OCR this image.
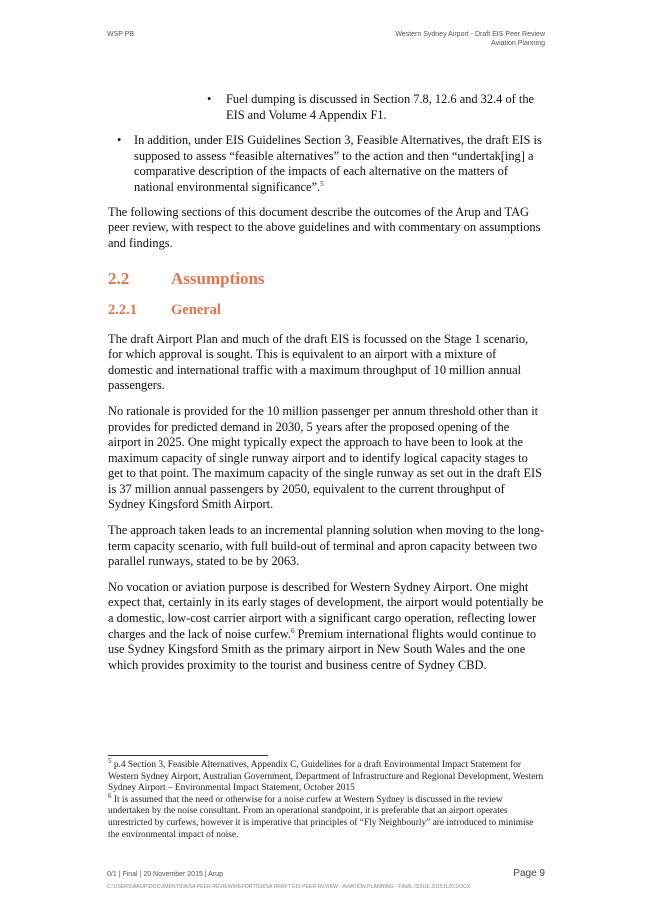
WSP PB	Western Sydney Airport - Draft EIS Peer Review
Aviation Planning
• Fuel dumping is discussed in Section 7.8, 12.6 and 32.4 of the EIS and Volume 4 Appendix F1.
• In addition, under EIS Guidelines Section 3, Feasible Alternatives, the draft EIS is supposed to assess “feasible alternatives” to the action and then “undertak[ing] a comparative description of the impacts of each alternative on the matters of national environmental significance”.$^5$

The following sections of this document describe the outcomes of the Arup and TAG peer review, with respect to the above guidelines and with commentary on assumptions and findings.

2.2	Assumptions
2.2.1	General

The draft Airport Plan and much of the draft EIS is focussed on the Stage 1 scenario, for which approval is sought. This is equivalent to an airport with a mixture of domestic and international traffic with a maximum throughput of 10 million annual passengers.

No rationale is provided for the 10 million passenger per annum threshold other than it provides for predicted demand in 2030, 5 years after the proposed opening of the airport in 2025. One might typically expect the approach to have been to look at the maximum capacity of single runway airport and to identify logical capacity stages to get to that point. The maximum capacity of the single runway as set out in the draft EIS is 37 million annual passengers by 2050, equivalent to the current throughput of Sydney Kingsford Smith Airport.

The approach taken leads to an incremental planning solution when moving to the long-term capacity scenario, with full build-out of terminal and apron capacity between two parallel runways, stated to be by 2063.

No vocation or aviation purpose is described for Western Sydney Airport. One might expect that, certainly in its early stages of development, the airport would potentially be a domestic, low-cost carrier airport with a significant cargo operation, reflecting lower charges and the lack of noise curfew.$^6$ Premium international flights would continue to use Sydney Kingsford Smith as the primary airport in New South Wales and the one which provides proximity to the tourist and business centre of Sydney CBD.

$^5$ p.4 Section 3, Feasible Alternatives, Appendix C, Guidelines for a draft Environmental Impact Statement for Western Sydney Airport, Australian Government, Department of Infrastructure and Regional Development, Western Sydney Airport – Environmental Impact Statement, October 2015

$^6$ It is assumed that the need or otherwise for a noise curfew at Western Sydney is discussed in the review undertaken by the noise consultant. From an operational standpoint, it is preferable that an airport operates unrestricted by curfews, however it is imperative that principles of “Fly Neighbourly” are introduced to minimise the environmental impact of noise.

0/1 | Final | 20 November 2015 | Arup
C:\USERS\ARUP\DOCUMENTS\WSA PEER REVIEW\REPORTS\WSA DRAFT EIS PEER REVIEW - AVIATION PLANNING - FINAL ISSUE 20151120.DOCX
Page 9
